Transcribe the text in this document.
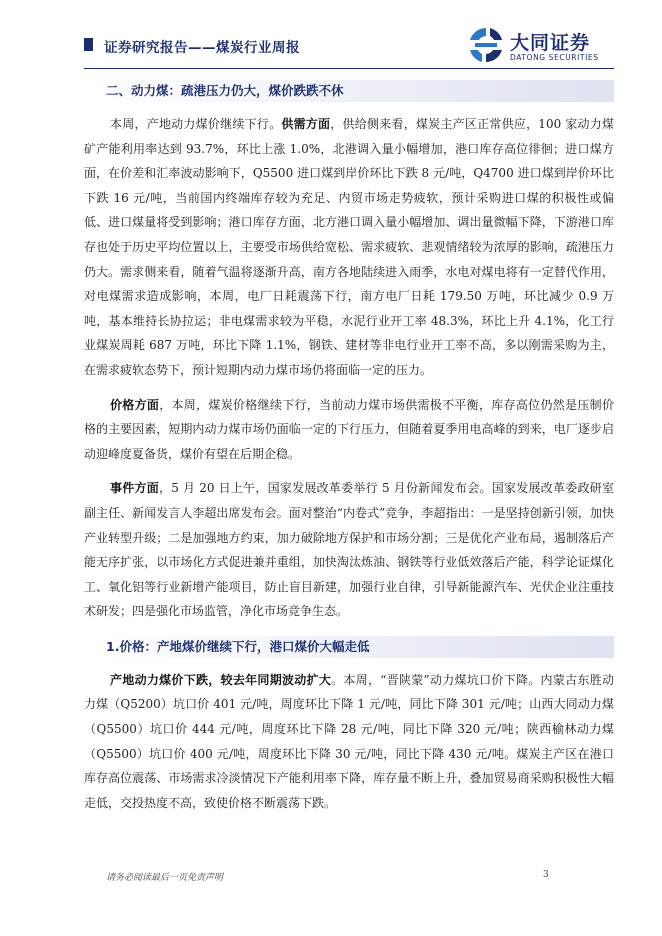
证券研究报告——煤炭行业周报	大同证券
DATONG SECURITIES
二、动力煤：疏港压力仍大，煤价跌跌不休

本周，产地动力煤价继续下行。供需方面，供给侧来看，煤炭主产区正常供应，100 家动力煤矿产能利用率达到 93.7%，环比上涨 1.0%，北港调入量小幅增加，港口库存高位徘徊；进口煤方面，在价差和汇率波动影响下，Q5500 进口煤到岸价环比下跌 8 元/吨，Q4700 进口煤到岸价环比下跌 16 元/吨，当前国内终端库存较为充足、内贸市场走势疲软，预计采购进口煤的积极性或偏低、进口煤量将受到影响；港口库存方面，北方港口调入量小幅增加、调出量微幅下降，下游港口库存也处于历史平均位置以上，主要受市场供给宽松、需求疲软、悲观情绪较为浓厚的影响，疏港压力仍大。需求侧来看，随着气温将逐渐升高，南方各地陆续进入雨季，水电对煤电将有一定替代作用，对电煤需求造成影响，本周，电厂日耗震荡下行，南方电厂日耗 179.50 万吨，环比减少 0.9 万吨，基本维持长协拉运；非电煤需求较为平稳，水泥行业开工率 48.3%，环比上升 4.1%，化工行业煤炭周耗 687 万吨，环比下降 1.1%，钢铁、建材等非电行业开工率不高，多以刚需采购为主，在需求疲软态势下，预计短期内动力煤市场仍将面临一定的压力。

价格方面，本周，煤炭价格继续下行，当前动力煤市场供需极不平衡，库存高位仍然是压制价格的主要因素，短期内动力煤市场仍面临一定的下行压力，但随着夏季用电高峰的到来，电厂逐步启动迎峰度夏备货，煤价有望在后期企稳。

事件方面，5 月 20 日上午，国家发展改革委举行 5 月份新闻发布会。国家发展改革委政研室副主任、新闻发言人李超出席发布会。面对整治“内卷式”竞争，李超指出：一是坚持创新引领，加快产业转型升级；二是加强地方约束，加力破除地方保护和市场分割；三是优化产业布局，遏制落后产能无序扩张，以市场化方式促进兼并重组，加快淘汰炼油、钢铁等行业低效落后产能，科学论证煤化工、氧化铝等行业新增产能项目，防止盲目新建，加强行业自律，引导新能源汽车、光伏企业注重技术研发；四是强化市场监管，净化市场竞争生态。

1.价格：产地煤价继续下行，港口煤价大幅走低

产地动力煤价下跌，较去年同期波动扩大。本周，“晋陕蒙”动力煤坑口价下降。内蒙古东胜动力煤（Q5200）坑口价 401 元/吨，周度环比下降 1 元/吨，同比下降 301 元/吨；山西大同动力煤（Q5500）坑口价 444 元/吨，周度环比下降 28 元/吨，同比下降 320 元/吨；陕西榆林动力煤（Q5500）坑口价 400 元/吨，周度环比下降 30 元/吨，同比下降 430 元/吨。煤炭主产区在港口库存高位震荡、市场需求冷淡情况下产能利用率下降，库存量不断上升，叠加贸易商采购积极性大幅走低，交投热度不高，致使价格不断震荡下跌。

请务必阅读最后一页免责声明	3
